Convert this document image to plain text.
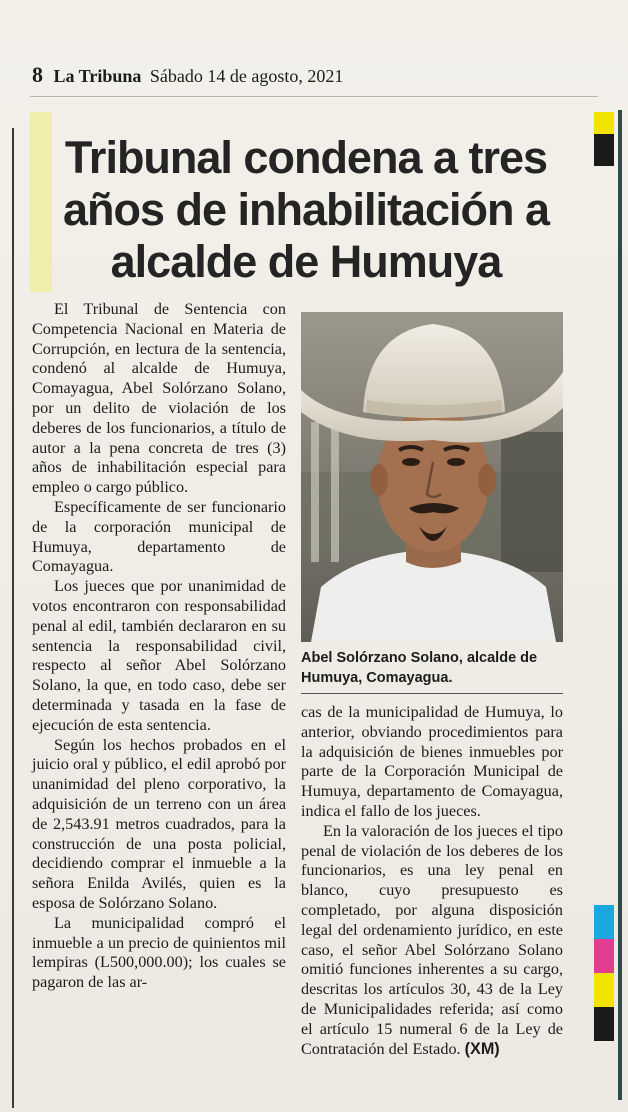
8 La Tribuna Sábado 14 de agosto, 2021
Tribunal condena a tres años de inhabilitación a alcalde de Humuya

El Tribunal de Sentencia con Competencia Nacional en Materia de Corrupción, en lectura de la sentencia, condenó al alcalde de Humuya, Comayagua, Abel Solórzano Solano, por un delito de violación de los deberes de los funcionarios, a título de autor a la pena concreta de tres (3) años de inhabilitación especial para empleo o cargo público.

Específicamente de ser funcionario de la corporación municipal de Humuya, departamento de Comayagua.

Los jueces que por unanimidad de votos encontraron con responsabilidad penal al edil, también declararon en su sentencia la responsabilidad civil, respecto al señor Abel Solórzano Solano, la que, en todo caso, debe ser determinada y tasada en la fase de ejecución de esta sentencia.

Según los hechos probados en el juicio oral y público, el edil aprobó por unanimidad del pleno corporativo, la adquisición de un terreno con un área de 2,543.91 metros cuadrados, para la construcción de una posta policial, decidiendo comprar el inmueble a la señora Enilda Avilés, quien es la esposa de Solórzano Solano.

La municipalidad compró el inmueble a un precio de quinientos mil lempiras (L500,000.00); los cuales se pagaron de las ar-

Abel Solórzano Solano, alcalde de Humuya, Comayagua.

cas de la municipalidad de Humuya, lo anterior, obviando procedimientos para la adquisición de bienes inmuebles por parte de la Corporación Municipal de Humuya, departamento de Comayagua, indica el fallo de los jueces.

En la valoración de los jueces el tipo penal de violación de los deberes de los funcionarios, es una ley penal en blanco, cuyo presupuesto es completado, por alguna disposición legal del ordenamiento jurídico, en este caso, el señor Abel Solórzano Solano omitió funciones inherentes a su cargo, descritas los artículos 30, 43 de la Ley de Municipalidades referida; así como el artículo 15 numeral 6 de la Ley de Contratación del Estado. (XM)
